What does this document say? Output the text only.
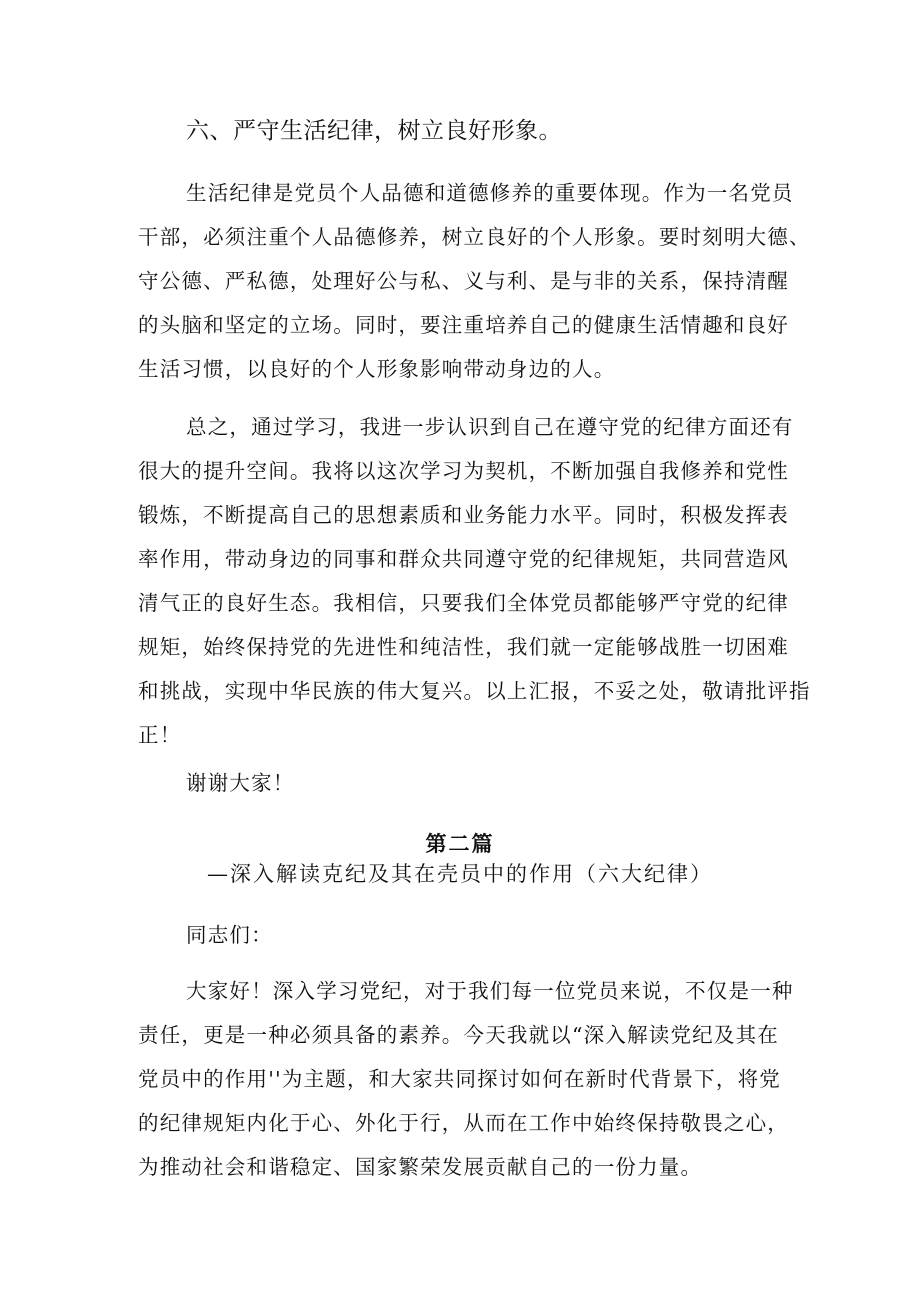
六、严守生活纪律，树立良好形象。
生活纪律是党员个人品德和道德修养的重要体现。作为一名党员
干部，必须注重个人品德修养，树立良好的个人形象。要时刻明大德、
守公德、严私德，处理好公与私、义与利、是与非的关系，保持清醒
的头脑和坚定的立场。同时，要注重培养自己的健康生活情趣和良好
生活习惯，以良好的个人形象影响带动身边的人。
总之，通过学习，我进一步认识到自己在遵守党的纪律方面还有
很大的提升空间。我将以这次学习为契机，不断加强自我修养和党性
锻炼，不断提高自己的思想素质和业务能力水平。同时，积极发挥表
率作用，带动身边的同事和群众共同遵守党的纪律规矩，共同营造风
清气正的良好生态。我相信，只要我们全体党员都能够严守党的纪律
规矩，始终保持党的先进性和纯洁性，我们就一定能够战胜一切困难
和挑战，实现中华民族的伟大复兴。以上汇报，不妥之处，敬请批评指
正！
谢谢大家！
第二篇
—深入解读克纪及其在壳员中的作用（六大纪律）
同志们：
大家好！深入学习党纪，对于我们每一位党员来说，不仅是一种
责任，更是一种必须具备的素养。今天我就以“深入解读党纪及其在
党员中的作用''为主题，和大家共同探讨如何在新时代背景下，将党
的纪律规矩内化于心、外化于行，从而在工作中始终保持敬畏之心，
为推动社会和谐稳定、国家繁荣发展贡献自己的一份力量。
